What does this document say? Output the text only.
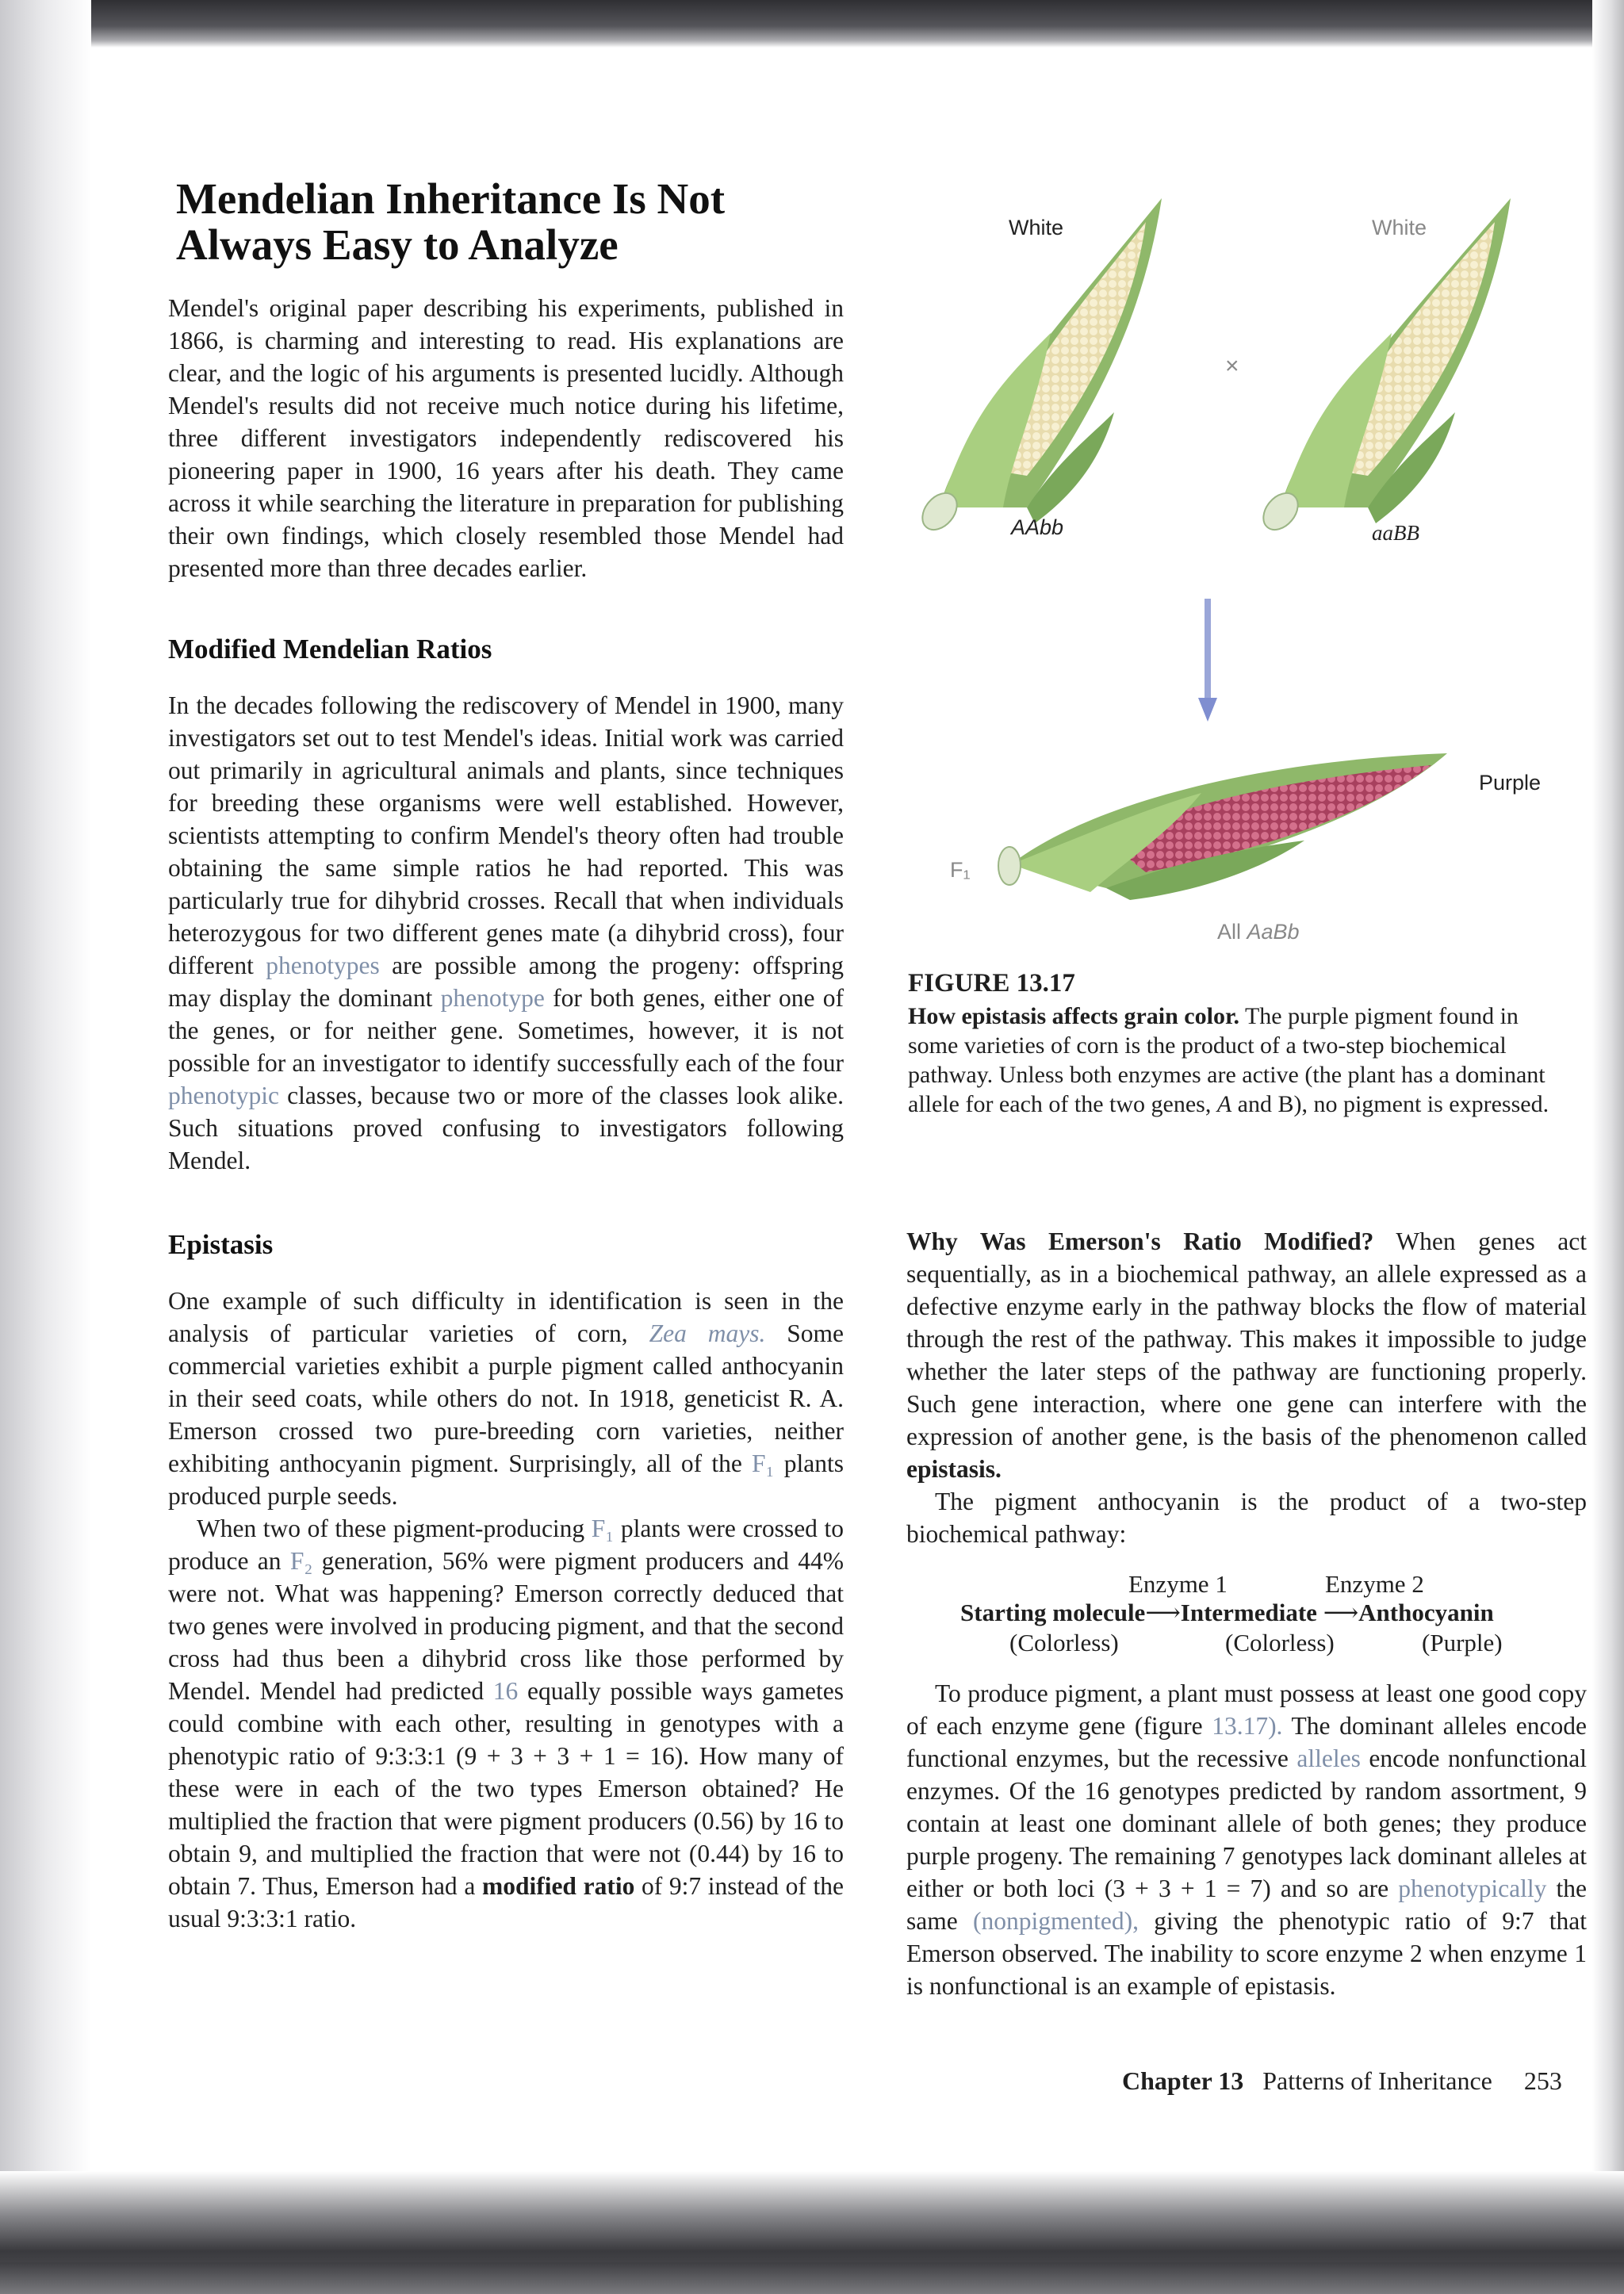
Mendelian Inheritance Is Not
Always Easy to Analyze

Mendel's original paper describing his experiments, published in 1866, is charming and interesting to read. His explanations are clear, and the logic of his arguments is presented lucidly. Although Mendel's results did not receive much notice during his lifetime, three different investigators independently rediscovered his pioneering paper in 1900, 16 years after his death. They came across it while searching the literature in preparation for publishing their own findings, which closely resembled those Mendel had presented more than three decades earlier.

Modified Mendelian Ratios

In the decades following the rediscovery of Mendel in 1900, many investigators set out to test Mendel's ideas. Initial work was carried out primarily in agricultural animals and plants, since techniques for breeding these organisms were well established. However, scientists attempting to confirm Mendel's theory often had trouble obtaining the same simple ratios he had reported. This was particularly true for dihybrid crosses. Recall that when individuals heterozygous for two different genes mate (a dihybrid cross), four different phenotypes are possible among the progeny: offspring may display the dominant phenotype for both genes, either one of the genes, or for neither gene. Sometimes, however, it is not possible for an investigator to identify successfully each of the four phenotypic classes, because two or more of the classes look alike. Such situations proved confusing to investigators following Mendel.

Epistasis

One example of such difficulty in identification is seen in the analysis of particular varieties of corn, Zea mays. Some commercial varieties exhibit a purple pigment called anthocyanin in their seed coats, while others do not. In 1918, geneticist R. A. Emerson crossed two pure-breeding corn varieties, neither exhibiting anthocyanin pigment. Surprisingly, all of the F₁ plants produced purple seeds.

When two of these pigment-producing F₁ plants were crossed to produce an F₂ generation, 56% were pigment producers and 44% were not. What was happening? Emerson correctly deduced that two genes were involved in producing pigment, and that the second cross had thus been a dihybrid cross like those performed by Mendel. Mendel had predicted 16 equally possible ways gametes could combine with each other, resulting in genotypes with a phenotypic ratio of 9:3:3:1 (9 + 3 + 3 + 1 = 16). How many of these were in each of the two types Emerson obtained? He multiplied the fraction that were pigment producers (0.56) by 16 to obtain 9, and multiplied the fraction that were not (0.44) by 16 to obtain 7. Thus, Emerson had a modified ratio of 9:7 instead of the usual 9:3:3:1 ratio.

White	White
×
AAbb	aaBB
Purple
F₁
All AaBb
FIGURE 13.17
How epistasis affects grain color. The purple pigment found in some varieties of corn is the product of a two-step biochemical pathway. Unless both enzymes are active (the plant has a dominant allele for each of the two genes, A and B), no pigment is expressed.

Why Was Emerson's Ratio Modified? When genes act sequentially, as in a biochemical pathway, an allele expressed as a defective enzyme early in the pathway blocks the flow of material through the rest of the pathway. This makes it impossible to judge whether the later steps of the pathway are functioning properly. Such gene interaction, where one gene can interfere with the expression of another gene, is the basis of the phenomenon called epistasis.

The pigment anthocyanin is the product of a two-step biochemical pathway:

Enzyme 1	Enzyme 2
Starting molecule⟶Intermediate ⟶Anthocyanin
(Colorless)	(Colorless)	(Purple)

To produce pigment, a plant must possess at least one good copy of each enzyme gene (figure 13.17). The dominant alleles encode functional enzymes, but the recessive alleles encode nonfunctional enzymes. Of the 16 genotypes predicted by random assortment, 9 contain at least one dominant allele of both genes; they produce purple progeny. The remaining 7 genotypes lack dominant alleles at either or both loci (3 + 3 + 1 = 7) and so are phenotypically the same (nonpigmented), giving the phenotypic ratio of 9:7 that Emerson observed. The inability to score enzyme 2 when enzyme 1 is nonfunctional is an example of epistasis.

Chapter 13 Patterns of Inheritance 253
